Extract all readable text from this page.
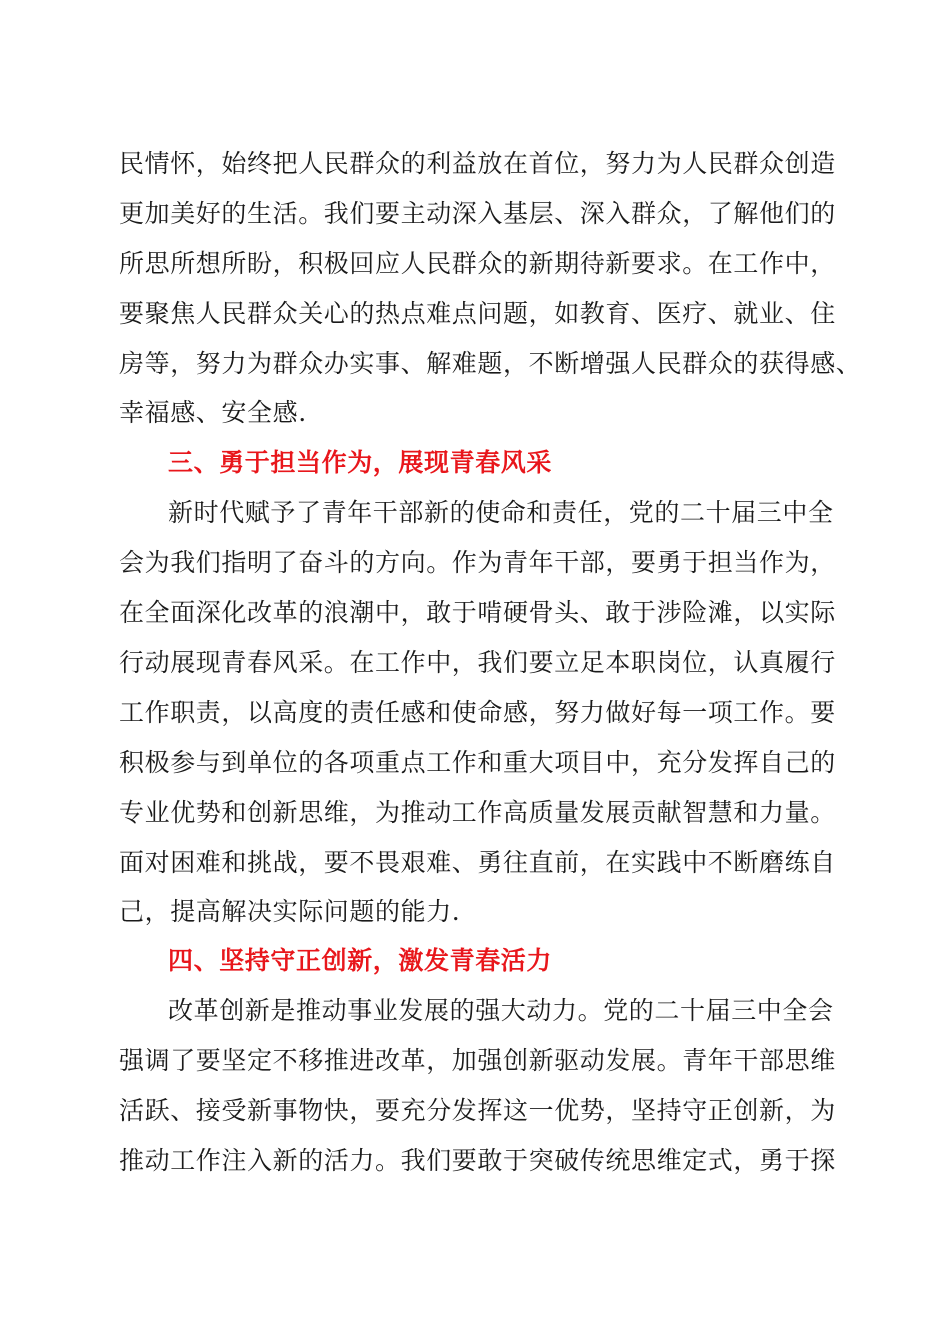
民情怀，始终把人民群众的利益放在首位，努力为人民群众创造

更加美好的生活。我们要主动深入基层、深入群众，了解他们的

所思所想所盼，积极回应人民群众的新期待新要求。在工作中，

要聚焦人民群众关心的热点难点问题，如教育、医疗、就业、住

房等，努力为群众办实事、解难题，不断增强人民群众的获得感、

幸福感、安全感.

三、勇于担当作为，展现青春风采

新时代赋予了青年干部新的使命和责任，党的二十届三中全

会为我们指明了奋斗的方向。作为青年干部，要勇于担当作为，

在全面深化改革的浪潮中，敢于啃硬骨头、敢于涉险滩，以实际

行动展现青春风采。在工作中，我们要立足本职岗位，认真履行

工作职责，以高度的责任感和使命感，努力做好每一项工作。要

积极参与到单位的各项重点工作和重大项目中，充分发挥自己的

专业优势和创新思维，为推动工作高质量发展贡献智慧和力量。

面对困难和挑战，要不畏艰难、勇往直前，在实践中不断磨练自

己，提高解决实际问题的能力.

四、坚持守正创新，激发青春活力

改革创新是推动事业发展的强大动力。党的二十届三中全会

强调了要坚定不移推进改革，加强创新驱动发展。青年干部思维

活跃、接受新事物快，要充分发挥这一优势，坚持守正创新，为

推动工作注入新的活力。我们要敢于突破传统思维定式，勇于探
